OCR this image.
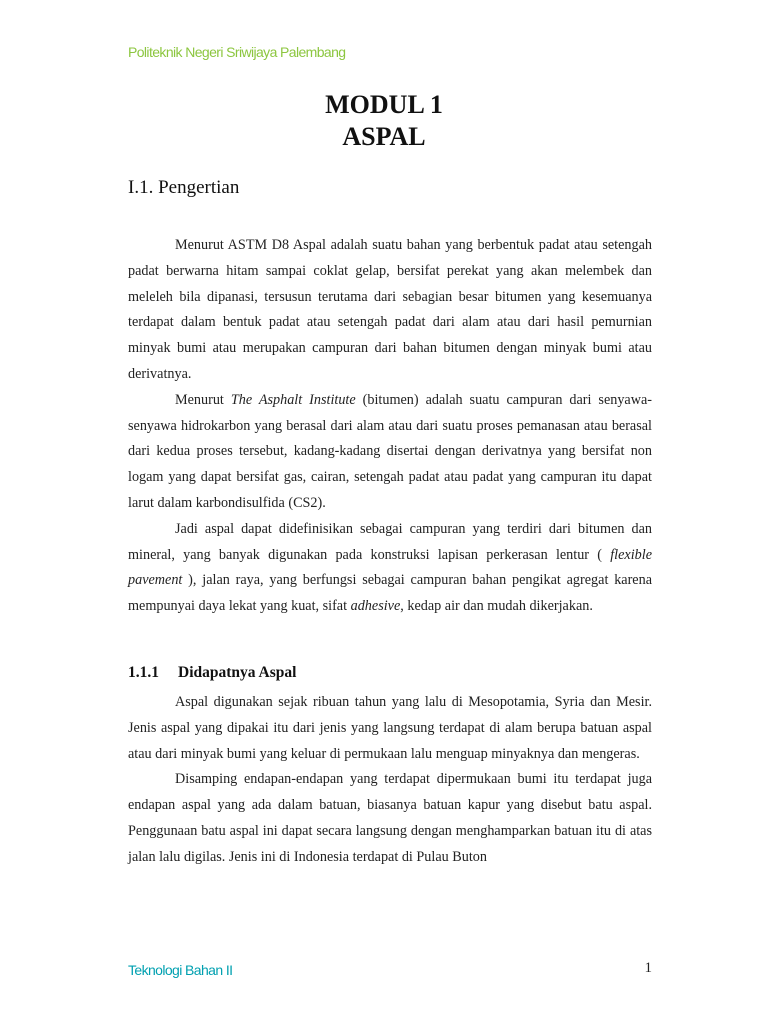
Politeknik Negeri Sriwijaya Palembang
MODUL 1
ASPAL
I.1. Pengertian

Menurut ASTM D8 Aspal adalah suatu bahan yang berbentuk padat atau setengah padat berwarna hitam sampai coklat gelap, bersifat perekat yang akan melembek dan meleleh bila dipanasi, tersusun terutama dari sebagian besar bitumen yang kesemuanya terdapat dalam bentuk padat atau setengah padat dari alam atau dari hasil pemurnian minyak bumi atau merupakan campuran dari bahan bitumen dengan minyak bumi atau derivatnya.

Menurut The Asphalt Institute (bitumen) adalah suatu campuran dari senyawa-senyawa hidrokarbon yang berasal dari alam atau dari suatu proses pemanasan atau berasal dari kedua proses tersebut, kadang-kadang disertai dengan derivatnya yang bersifat non logam yang dapat bersifat gas, cairan, setengah padat atau padat yang campuran itu dapat larut dalam karbondisulfida (CS2).

Jadi aspal dapat didefinisikan sebagai campuran yang terdiri dari bitumen dan mineral, yang banyak digunakan pada konstruksi lapisan perkerasan lentur ( flexible pavement ), jalan raya, yang berfungsi sebagai campuran bahan pengikat agregat karena mempunyai daya lekat yang kuat, sifat adhesive, kedap air dan mudah dikerjakan.

1.1.1 Didapatnya Aspal

Aspal digunakan sejak ribuan tahun yang lalu di Mesopotamia, Syria dan Mesir. Jenis aspal yang dipakai itu dari jenis yang langsung terdapat di alam berupa batuan aspal atau dari minyak bumi yang keluar di permukaan lalu menguap minyaknya dan mengeras.

Disamping endapan-endapan yang terdapat dipermukaan bumi itu terdapat juga endapan aspal yang ada dalam batuan, biasanya batuan kapur yang disebut batu aspal. Penggunaan batu aspal ini dapat secara langsung dengan menghamparkan batuan itu di atas jalan lalu digilas. Jenis ini di Indonesia terdapat di Pulau Buton

Teknologi Bahan II	1
